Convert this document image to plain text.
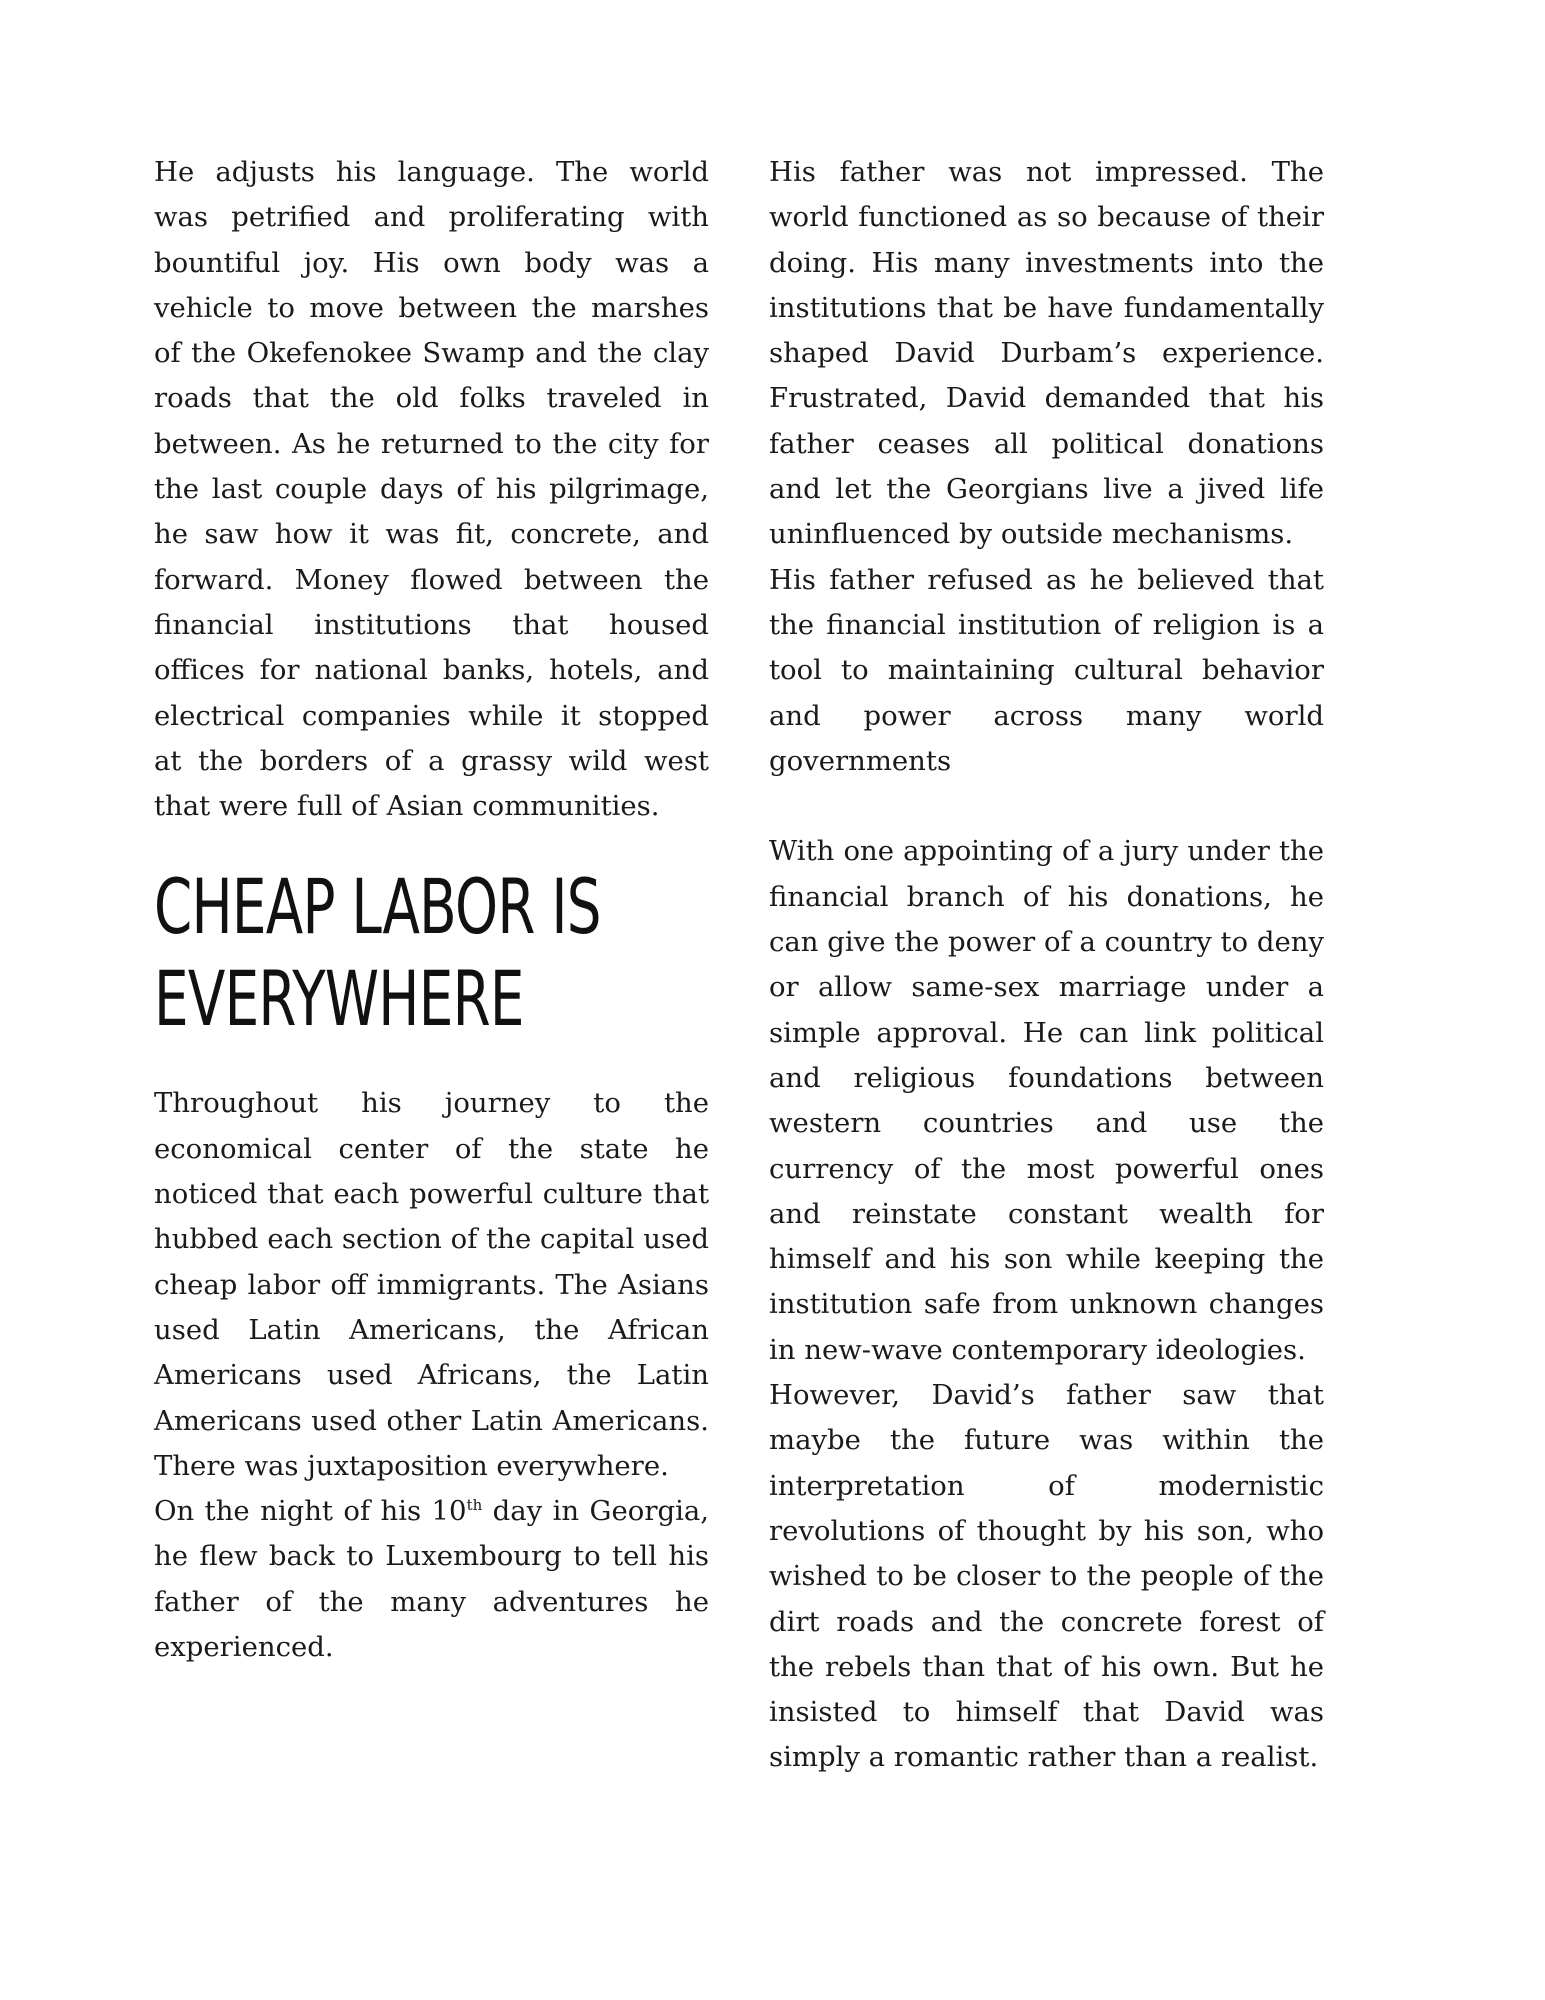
He adjusts his language. The world was petrified and proliferating with bountiful joy. His own body was a vehicle to move between the marshes of the Okefenokee Swamp and the clay roads that the old folks traveled in between. As he returned to the city for the last couple days of his pilgrimage, he saw how it was fit, concrete, and forward. Money flowed between the financial institutions that housed offices for national banks, hotels, and electrical companies while it stopped at the borders of a grassy wild west that were full of Asian communities.

CHEAP LABOR IS
EVERYWHERE

Throughout his journey to the economical center of the state he noticed that each powerful culture that hubbed each section of the capital used cheap labor off immigrants. The Asians used Latin Americans, the African Americans used Africans, the Latin Americans used other Latin Americans. There was juxtaposition everywhere.

On the night of his 10th day in Georgia, he flew back to Luxembourg to tell his father of the many adventures he experienced.

His father was not impressed. The world functioned as so because of their doing. His many investments into the institutions that be have fundamentally shaped David Durbam’s experience. Frustrated, David demanded that his father ceases all political donations and let the Georgians live a jived life uninfluenced by outside mechanisms.

His father refused as he believed that the financial institution of religion is a tool to maintaining cultural behavior and power across many world governments

With one appointing of a jury under the financial branch of his donations, he can give the power of a country to deny or allow same-sex marriage under a simple approval. He can link political and religious foundations between western countries and use the currency of the most powerful ones and reinstate constant wealth for himself and his son while keeping the institution safe from unknown changes in new-wave contemporary ideologies.

However, David’s father saw that maybe the future was within the interpretation of modernistic revolutions of thought by his son, who wished to be closer to the people of the dirt roads and the concrete forest of the rebels than that of his own. But he insisted to himself that David was simply a romantic rather than a realist.
